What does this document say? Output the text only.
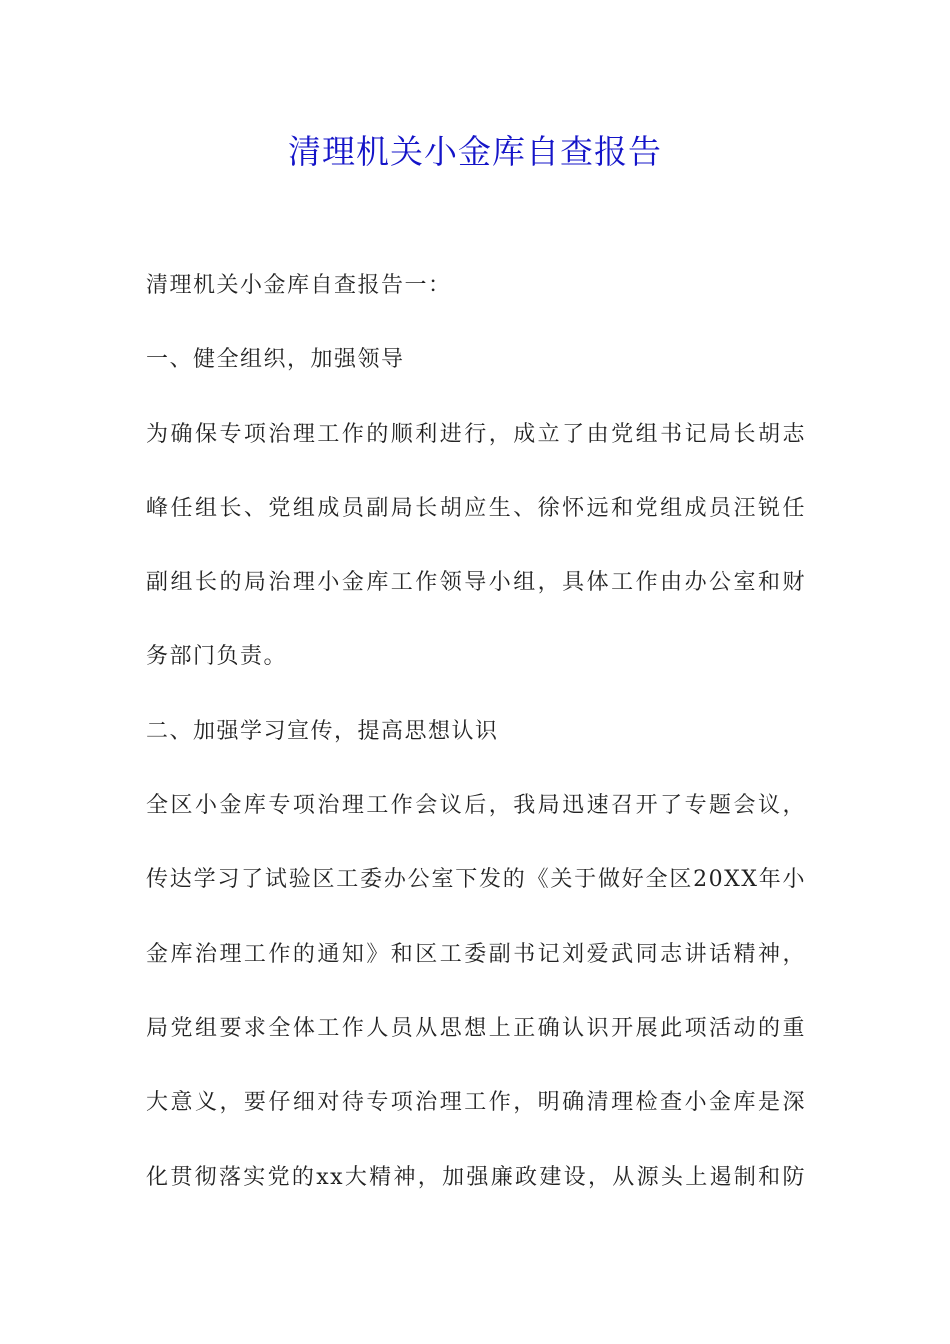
清理机关小金库自查报告
清理机关小金库自查报告一：
一、健全组织，加强领导
为确保专项治理工作的顺利进行，成立了由党组书记局长胡志
峰任组长、党组成员副局长胡应生、徐怀远和党组成员汪锐任
副组长的局治理小金库工作领导小组，具体工作由办公室和财
务部门负责。
二、加强学习宣传，提高思想认识
全区小金库专项治理工作会议后，我局迅速召开了专题会议，
传达学习了试验区工委办公室下发的《关于做好全区20XX年小
金库治理工作的通知》和区工委副书记刘爱武同志讲话精神，
局党组要求全体工作人员从思想上正确认识开展此项活动的重
大意义，要仔细对待专项治理工作，明确清理检查小金库是深
化贯彻落实党的xx大精神，加强廉政建设，从源头上遏制和防
